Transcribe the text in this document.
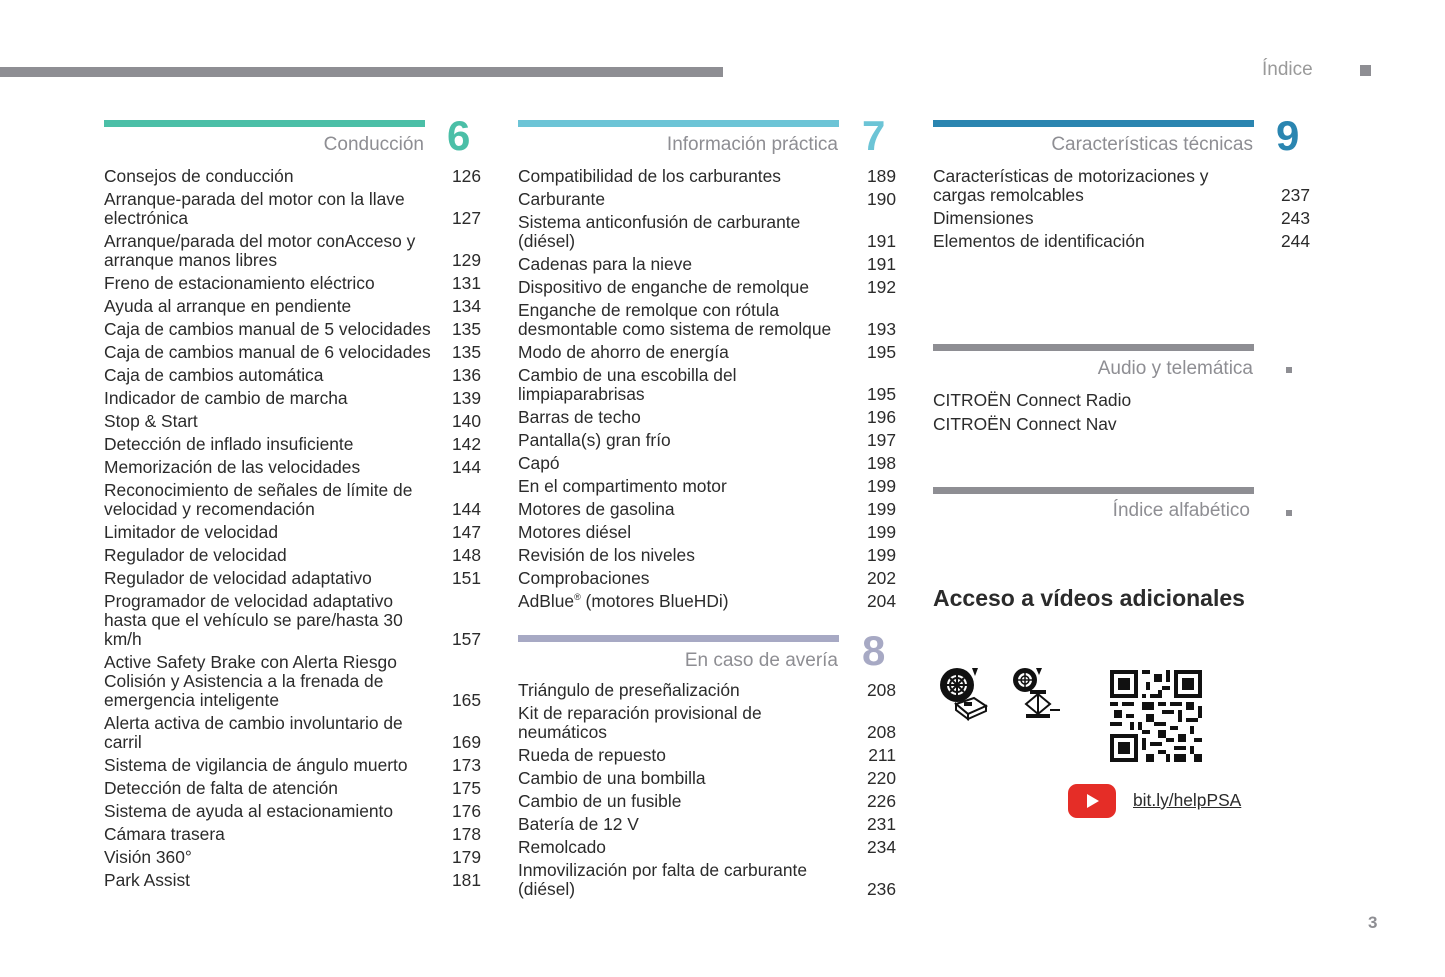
Índice
Conducción 6
Consejos de conducción	126
Arranque-parada del motor con la llave electrónica	127
Arranque/parada del motor conAcceso y arranque manos libres	129
Freno de estacionamiento eléctrico	131
Ayuda al arranque en pendiente	134
Caja de cambios manual de 5 velocidades	135
Caja de cambios manual de 6 velocidades	135
Caja de cambios automática	136
Indicador de cambio de marcha	139
Stop & Start	140
Detección de inflado insuficiente	142
Memorización de las velocidades	144
Reconocimiento de señales de límite de velocidad y recomendación	144
Limitador de velocidad	147
Regulador de velocidad	148
Regulador de velocidad adaptativo	151
Programador de velocidad adaptativo hasta que el vehículo se pare/hasta 30 km/h	157
Active Safety Brake con Alerta Riesgo Colisión y Asistencia a la frenada de emergencia inteligente	165
Alerta activa de cambio involuntario de carril	169
Sistema de vigilancia de ángulo muerto	173
Detección de falta de atención	175
Sistema de ayuda al estacionamiento	176
Cámara trasera	178
Visión 360°	179
Park Assist	181
Información práctica 7
Compatibilidad de los carburantes	189
Carburante	190
Sistema anticonfusión de carburante (diésel)	191
Cadenas para la nieve	191
Dispositivo de enganche de remolque	192
Enganche de remolque con rótula desmontable como sistema de remolque	193
Modo de ahorro de energía	195
Cambio de una escobilla del limpiaparabrisas	195
Barras de techo	196
Pantalla(s) gran frío	197
Capó	198
En el compartimento motor	199
Motores de gasolina	199
Motores diésel	199
Revisión de los niveles	199
Comprobaciones	202
AdBlue® (motores BlueHDi)	204
En caso de avería 8
Triángulo de preseñalización	208
Kit de reparación provisional de neumáticos	208
Rueda de repuesto	211
Cambio de una bombilla	220
Cambio de un fusible	226
Batería de 12 V	231
Remolcado	234
Inmovilización por falta de carburante (diésel)	236
Características técnicas 9
Características de motorizaciones y cargas remolcables	237
Dimensiones	243
Elementos de identificación	244
Audio y telemática
CITROËN Connect Radio
CITROËN Connect Nav
Índice alfabético
Acceso a vídeos adicionales
bit.ly/helpPSA
3
